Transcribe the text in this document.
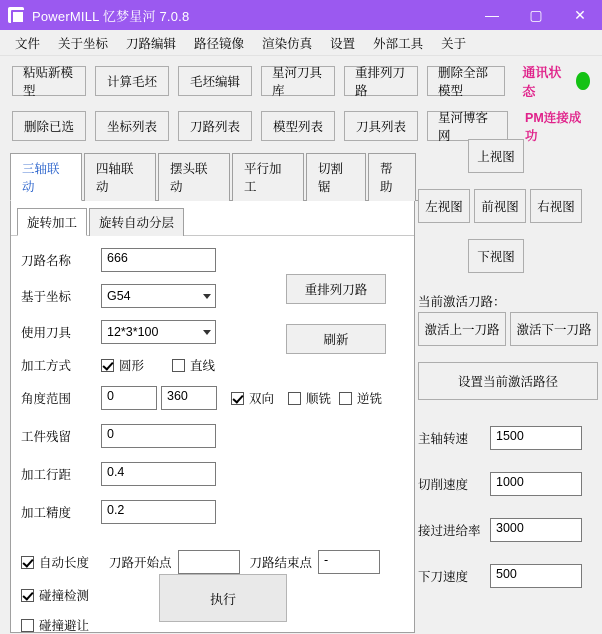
PowerMILL 忆梦星河 7.0.8	— ▢ ✕
文件	关于坐标	刀路编辑	路径镜像	渲染仿真	设置	外部工具	关于
粘贴新模型
计算毛坯	毛坯编辑
星河刀具库
重排列刀路
删除全部模型
通讯状态
删除已选	坐标列表	刀路列表	模型列表	刀具列表
星河博客网
PM连接成功
三轴联动
四轴联动
摆头联动
平行加工
切割锯
帮助
旋转加工	旋转自动分层
刀路名称	666
基于坐标	G54
使用刀具	12*3*100
加工方式	圆形	直线
角度范围	0	360	双向	顺铣 逆铣
工件残留	0
加工行距	0.4
加工精度	0.2
自动长度 刀路开始点	刀路结束点 -
碰撞检测
碰撞避让
重排列刀路
刷新
执行
上视图
左视图	前视图	右视图
下视图
当前激活刀路：
激活上一刀路	激活下一刀路
设置当前激活路径
主轴转速	1500
切削速度	1000
接过进给率	3000
下刀速度	500
